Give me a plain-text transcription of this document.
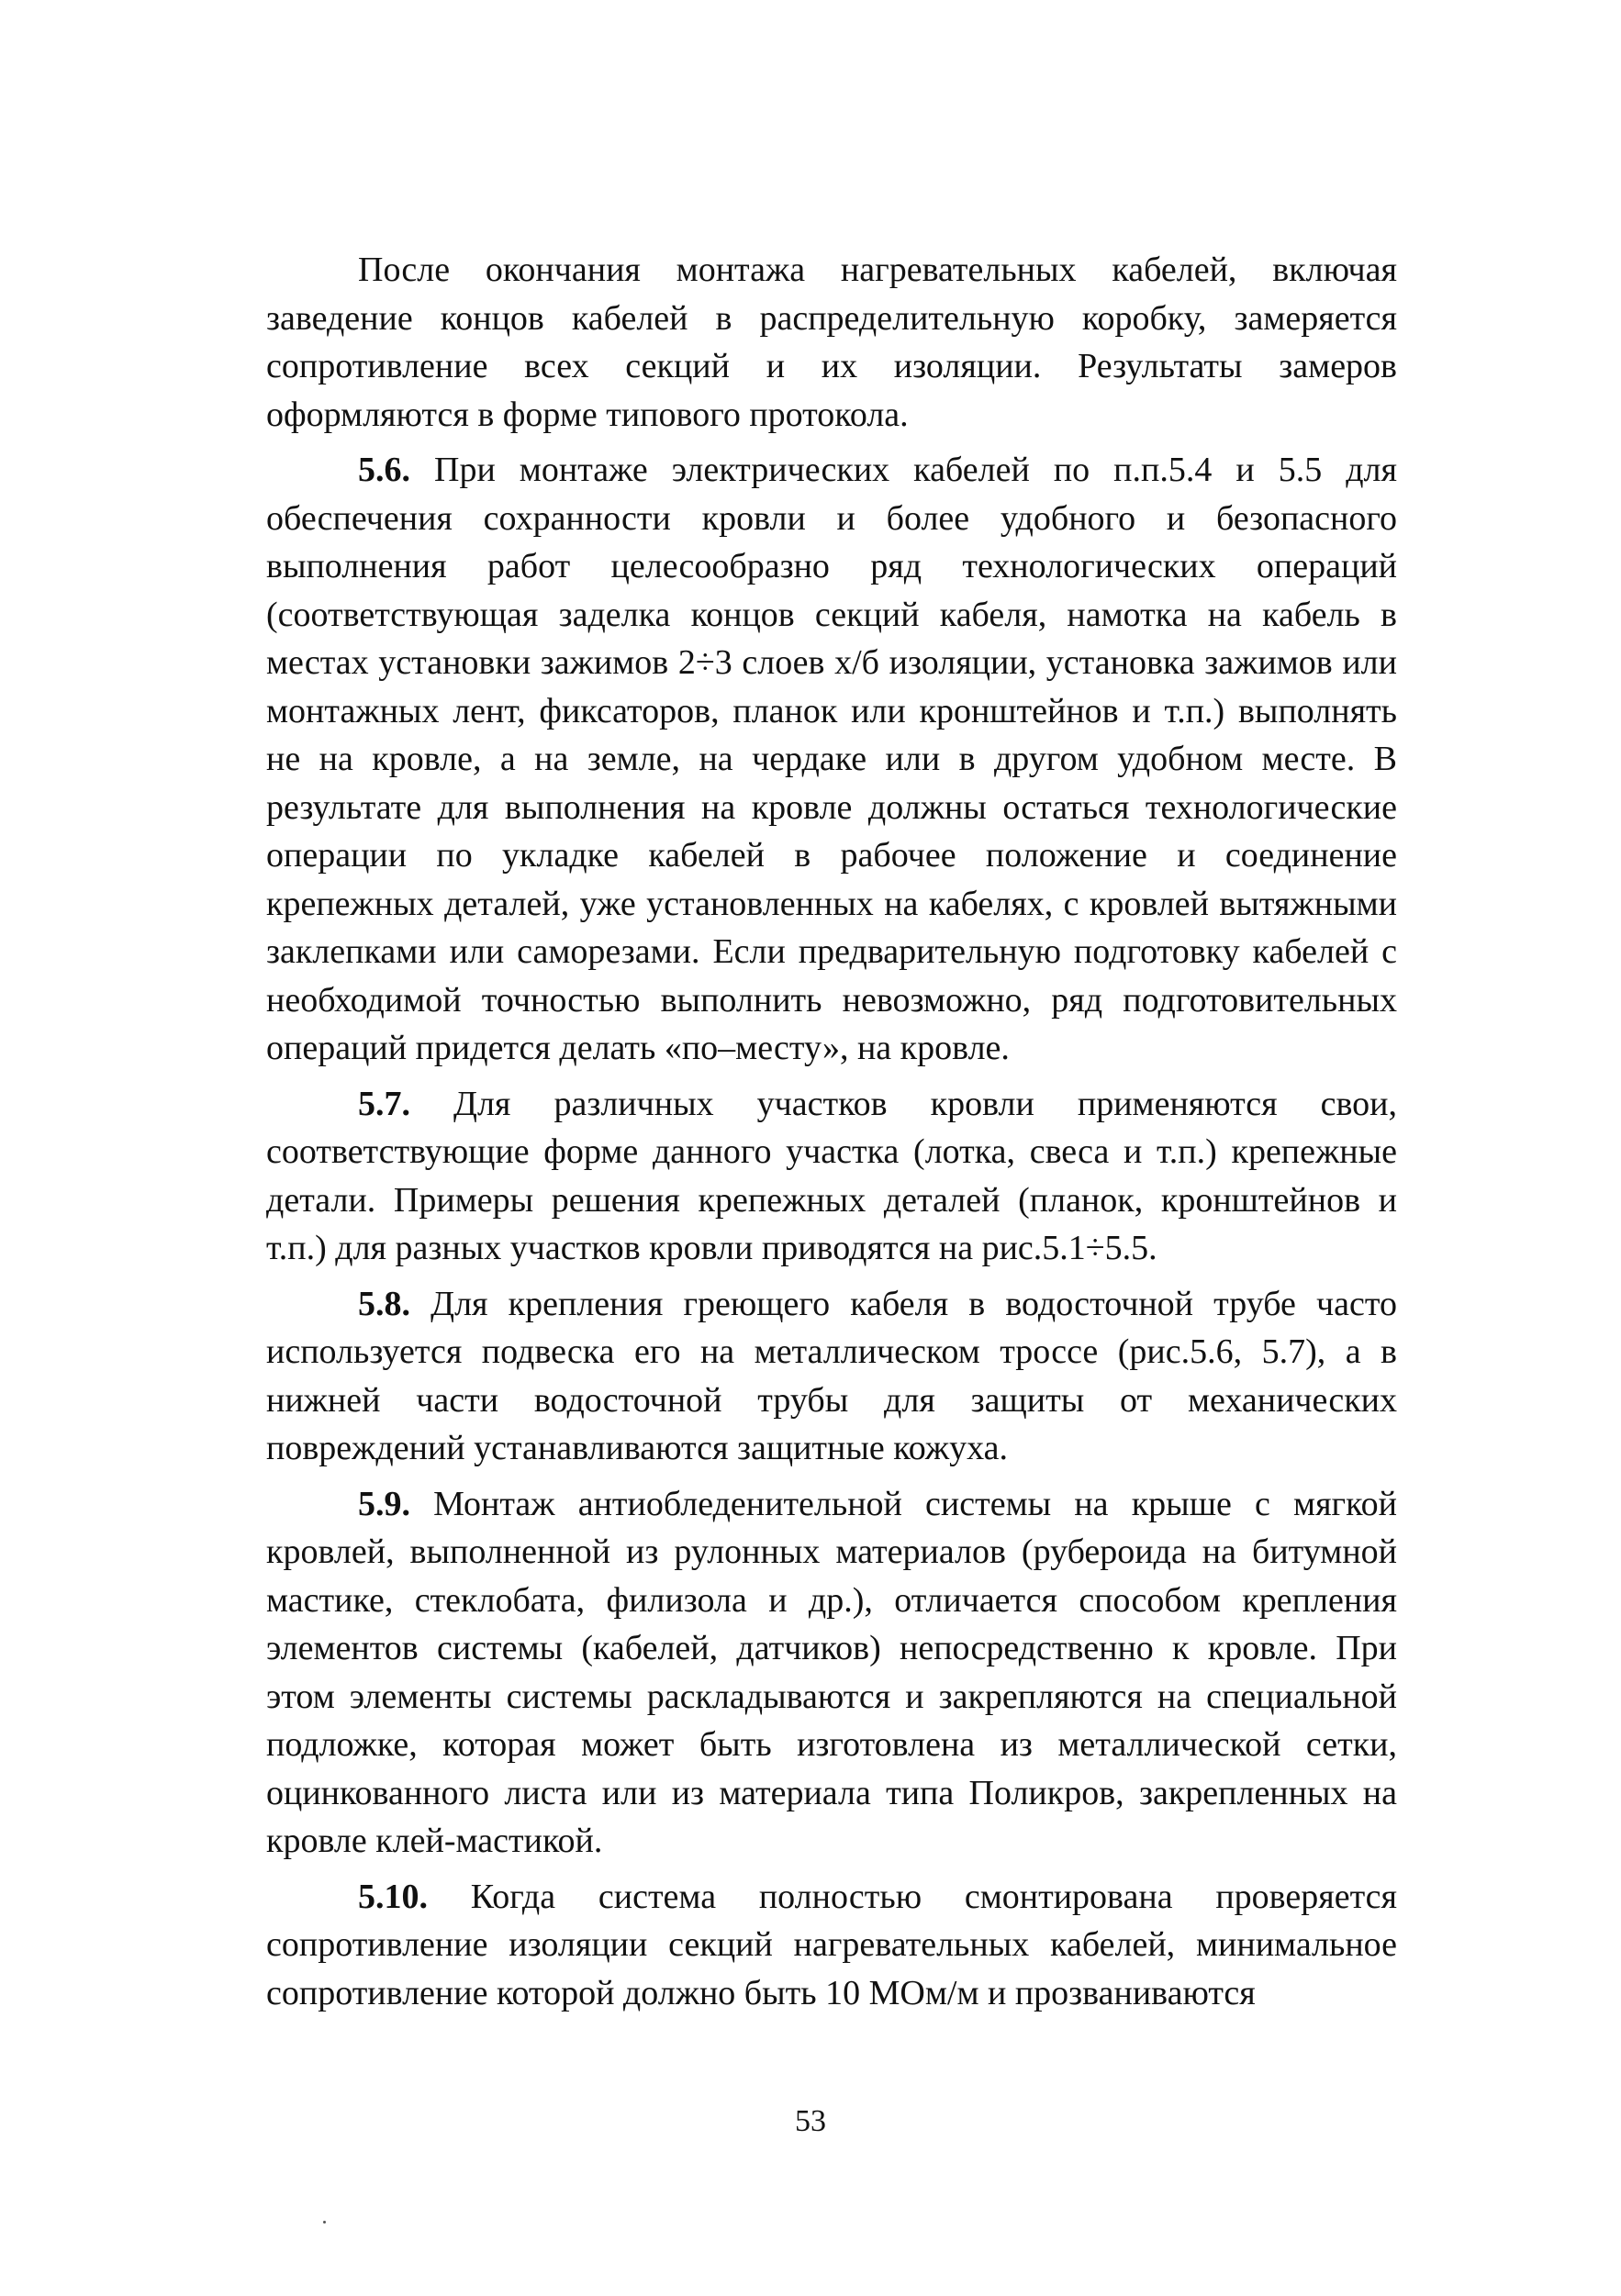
После окончания монтажа нагревательных кабелей, включая заведение концов кабелей в распределительную коробку, замеряется сопротивление всех секций и их изоляции. Результаты замеров оформляются в форме типового протокола.

5.6. При монтаже электрических кабелей по п.п.5.4 и 5.5 для обеспечения сохранности кровли и более удобного и безопасного выполнения работ целесообразно ряд технологических операций (соответствующая заделка концов секций кабеля, намотка на кабель в местах установки зажимов 2÷3 слоев х/б изоляции, установка зажимов или монтажных лент, фиксаторов, планок или кронштейнов и т.п.) выполнять не на кровле, а на земле, на чердаке или в другом удобном месте. В результате для выполнения на кровле должны остаться технологические операции по укладке кабелей в рабочее положение и соединение крепежных деталей, уже установленных на кабелях, с кровлей вытяжными заклепками или саморезами. Если предварительную подготовку кабелей с необходимой точностью выполнить невозможно, ряд подготовительных операций придется делать «по–месту», на кровле.

5.7. Для различных участков кровли применяются свои, соответствующие форме данного участка (лотка, свеса и т.п.) крепежные детали. Примеры решения крепежных деталей (планок, кронштейнов и т.п.) для разных участков кровли приводятся на рис.5.1÷5.5.

5.8. Для крепления греющего кабеля в водосточной трубе часто используется подвеска его на металлическом троссе (рис.5.6, 5.7), а в нижней части водосточной трубы для защиты от механических повреждений устанавливаются защитные кожуха.

5.9. Монтаж антиобледенительной системы на крыше с мягкой кровлей, выполненной из рулонных материалов (рубероида на битумной мастике, стеклобата, филизола и др.), отличается способом крепления элементов системы (кабелей, датчиков) непосредственно к кровле. При этом элементы системы раскладываются и закрепляются на специальной подложке, которая может быть изготовлена из металлической сетки, оцинкованного листа или из материала типа Поликров, закрепленных на кровле клей-мастикой.

5.10. Когда система полностью смонтирована проверяется сопротивление изоляции секций нагревательных кабелей, минимальное сопротивление которой должно быть 10 МОм/м и прозваниваются

53
